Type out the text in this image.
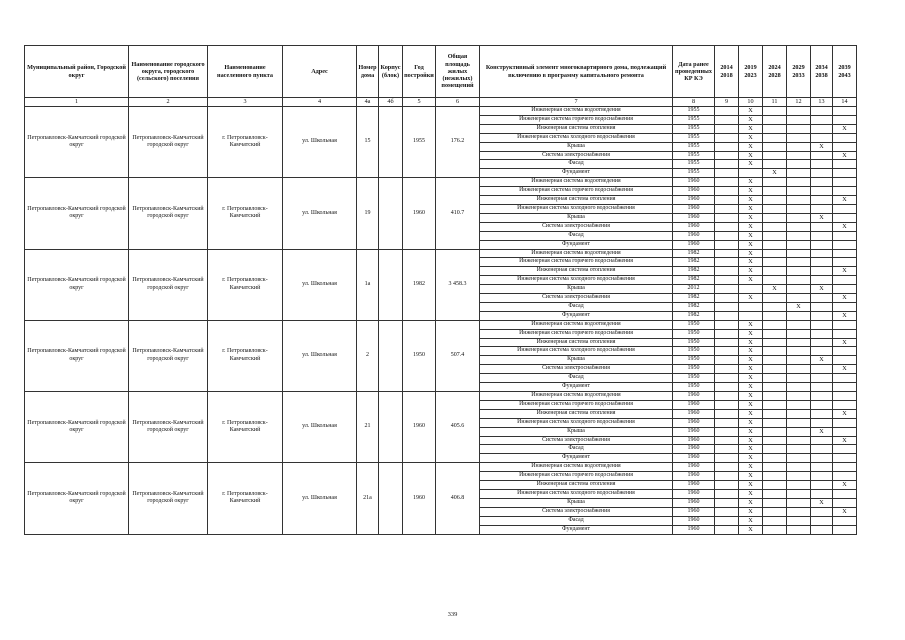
Муниципальный район, Городской округ	Наименование городского округа, городского (сельского) поселения	Наименование населенного пункта	Адрес	Номер дома	Корпус (блок)	Год постройки	Общая площадь жилых (нежилых) помещений	Конструктивный элемент многоквартирного дома, подлежащий включению в программу капитального ремонта	Дата ранее проведенных КР КЭ	2014 2018	2019 2023	2024 2028	2029 2033	2034 2038	2039 2043
1	2	3	4	4а	4б	5	6	7	8	9	10	11	12	13	14
Петропавловск-Камчатский городской округ	Петропавловск-Камчатский городской округ	г. Петропавловск-Камчатский	ул. Школьная	15		1955	176.2	Инженерная система водоотведения	1955		X				
								Инженерная система горячего водоснабжения	1955		X				
								Инженерная система отопления	1955		X				X
								Инженерная система холодного водоснабжения	1955		X				
								Крыша	1955		X			X	
								Система электроснабжения	1955		X				X
								Фасад	1955		X				
								Фундамент	1955			X			
Петропавловск-Камчатский городской округ	Петропавловск-Камчатский городской округ	г. Петропавловск-Камчатский	ул. Школьная	19		1960	410.7	Инженерная система водоотведения	1960		X				
								Инженерная система горячего водоснабжения	1960		X				
								Инженерная система отопления	1960		X				X
								Инженерная система холодного водоснабжения	1960		X				
								Крыша	1960		X			X	
								Система электроснабжения	1960		X				X
								Фасад	1960		X				
								Фундамент	1960		X				
Петропавловск-Камчатский городской округ	Петропавловск-Камчатский городской округ	г. Петропавловск-Камчатский	ул. Школьная	1а		1982	3 458.3	Инженерная система водоотведения	1982		X				
								Инженерная система горячего водоснабжения	1982		X				
								Инженерная система отопления	1982		X				X
								Инженерная система холодного водоснабжения	1982		X				
								Крыша	2012			X		X	
								Система электроснабжения	1982		X				X
								Фасад	1982				X		
								Фундамент	1982						X
Петропавловск-Камчатский городской округ	Петропавловск-Камчатский городской округ	г. Петропавловск-Камчатский	ул. Школьная	2		1950	507.4	Инженерная система водоотведения	1950		X				
								Инженерная система горячего водоснабжения	1950		X				
								Инженерная система отопления	1950		X				X
								Инженерная система холодного водоснабжения	1950		X				
								Крыша	1950		X			X	
								Система электроснабжения	1950		X				X
								Фасад	1950		X				
								Фундамент	1950		X				
Петропавловск-Камчатский городской округ	Петропавловск-Камчатский городской округ	г. Петропавловск-Камчатский	ул. Школьная	21		1960	405.6	Инженерная система водоотведения	1960		X				
								Инженерная система горячего водоснабжения	1960		X				
								Инженерная система отопления	1960		X				X
								Инженерная система холодного водоснабжения	1960		X				
								Крыша	1960		X			X	
								Система электроснабжения	1960		X				X
								Фасад	1960		X				
								Фундамент	1960		X				
Петропавловск-Камчатский городской округ	Петропавловск-Камчатский городской округ	г. Петропавловск-Камчатский	ул. Школьная	21а		1960	406.8	Инженерная система водоотведения	1960		X				
								Инженерная система горячего водоснабжения	1960		X				
								Инженерная система отопления	1960		X				X
								Инженерная система холодного водоснабжения	1960		X				
								Крыша	1960		X			X	
								Система электроснабжения	1960		X				X
								Фасад	1960		X				
								Фундамент	1960		X				
339
